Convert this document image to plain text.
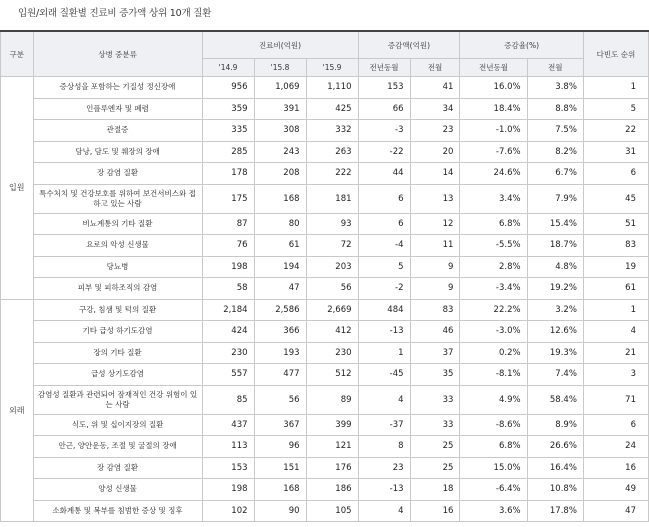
입원/외래 질환별 진료비 증가액 상위 10개 질환
구분	상병 중분류	진료비(억원)			증감액(억원)		증감율(%)		다빈도 순위
		'14.9	'15.8	'15.9	전년동월	전월	전년동월	전월	
입원	증상성을 포함하는 기질성 정신장애	956	1,069	1,110	153	41	16.0%	3.8%	1
	인플루엔자 및 폐렴	359	391	425	66	34	18.4%	8.8%	5
	관절증	335	308	332	-3	23	-1.0%	7.5%	22
	담낭, 담도 및 췌장의 장애	285	243	263	-22	20	-7.6%	8.2%	31
	장 감염 질환	178	208	222	44	14	24.6%	6.7%	6
	특수처치 및 건강보호를 위하여 보건서비스와 접하고 있는 사람	175	168	181	6	13	3.4%	7.9%	45
	비뇨계통의 기타 질환	87	80	93	6	12	6.8%	15.4%	51
	요로의 악성 신생물	76	61	72	-4	11	-5.5%	18.7%	83
	당뇨병	198	194	203	5	9	2.8%	4.8%	19
	피부 및 피하조직의 감염	58	47	56	-2	9	-3.4%	19.2%	61
외래	구강, 침샘 및 턱의 질환	2,184	2,586	2,669	484	83	22.2%	3.2%	1
	기타 급성 하기도감염	424	366	412	-13	46	-3.0%	12.6%	4
	장의 기타 질환	230	193	230	1	37	0.2%	19.3%	21
	급성 상기도감염	557	477	512	-45	35	-8.1%	7.4%	3
	감염성 질환과 관련되어 잠재적인 건강 위험이 있는 사람	85	56	89	4	33	4.9%	58.4%	71
	식도, 위 및 십이지장의 질환	437	367	399	-37	33	-8.6%	8.9%	6
	안근, 양안운동, 조절 및 굴절의 장애	113	96	121	8	25	6.8%	26.6%	24
	장 감염 질환	153	151	176	23	25	15.0%	16.4%	16
	양성 신생물	198	168	186	-13	18	-6.4%	10.8%	49
	소화계통 및 복부를 침범한 증상 및 징후	102	90	105	4	16	3.6%	17.8%	47
